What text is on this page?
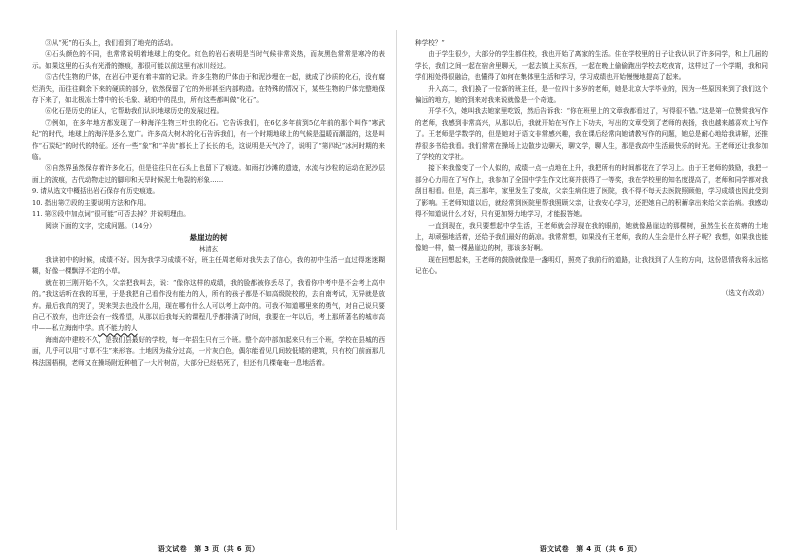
③从“死”的石头上，我们看到了地壳的活动。

④石头颜色的不同，也常常说明着地球上的变化。红色的岩石表明是当时气候非常炎热，而灰黑色常常是寒冷的表示。如果这里的石头有光滑的擦痕，那很可能以前这里有冰川经过。

⑤古代生物的尸体，在岩石中更有着丰富的记录。许多生物的尸体由于和泥沙埋在一起，就成了沙质的化石，没有腐烂消失，而往往剩余下来的硬质的部分，依然保留了它的外形甚至内部构造。在特殊的情况下，某些生物的尸体完整地保存下来了，如北极冻土带中的长毛象、琥珀中的昆虫，所有这些都叫做“化石”。

⑥化石是历史的证人，它帮助我们认识地球历史的发展过程。

⑦例如，在多年地方都发现了一种海洋生物三叶虫的化石。它告诉我们，在6亿多年前到5亿年前的那个叫作“寒武纪”的时代，地球上的海洋是多么宽广。许多高大树木的化石告诉我们，有一个时期地球上的气候是温暖而潮湿的，这是叫作“石炭纪”的时代的特征。还有一些“象”和“羊齿”都长上了长长的毛，这说明是天气冷了，说明了“第四纪”冰河时期的来临。

⑧自然界虽然保存着许多化石，但是往往只在石头上也留下了痕迹。如雨打沙滩的遗迹，水流与沙粒的运动在泥沙层面上的波痕，古代动物走过的脚印和天旱时候泥土龟裂的形象……

9. 请从选文中概括出岩石保存有历史痕迹。

10. 指出第⑦段的主要说明方法和作用。

11. 第⑧段中加点词“很可能”可否去掉？并说明理由。

阅读下面的文字，完成问题。（14分）

悬崖边的树

林清玄

我读初中的时候，成绩不好。因为我学习成绩不好，班主任周老师对我失去了信心，我的初中生活一直过得迷迷糊糊，好像一棵飘浮不定的小草。

就在初三刚开始不久，父亲把我叫去，说：“像你这样的成绩，我的脸都被你丢尽了，我看你中考中是不会考上高中的。”我这话听在我的耳里，于是我把自己看作没有能力的人，所有的孩子都是不如高级院校的，去自南考试，无异就是放弃。最后我真的哭了，哭来哭去也没什么用，现在哪有什么人可以考上高中的。可我不知道哪里来的勇气，对自己说只要自己不放弃，也许还会有一线希望，从那以后我每天的课程几乎都排满了时间，我要在一年以后，考上那所著名的城市高中——私立海南中学。真不能力的人

海南高中建校不久，是我们县最好的学校，每一年招生只有三个班。整个高中部加起来只有三个班，学校在县城的西面，几乎可以用“寸草不生”来形容。土地因为盐分过高，一片灰白色，偶尔能看见几间较低矮的建筑，只有校门前面那几株法国梧桐，老师又在操场附近种植了一大片树苗，大部分已经枯死了，但还有几棵奄奄一息地活着。

语文试卷　第 3 页（共 6 页）

种学校？”

由于学生很少，大部分的学生都住校，我也开始了离家的生活。住在学校里的日子让我认识了许多同学，和上几届的学长，我们之间一起在宿舍里聊天，一起去镇上买东西，一起在晚上偷偷跑出学校去吃夜宵，这样过了一个学期，我和同学们相处得很融洽，也懂得了如何在集体里生活和学习，学习成绩也开始慢慢地提高了起来。

升入高二，我们换了一位新的班主任，是一位四十多岁的老师，她是北京大学毕业的，因为一些原因来到了我们这个偏远的地方，她的到来对我来说就像是一个奇迹。

开学不久，她叫我去她家里吃饭，然后告诉我：“你在班里上的文章我都看过了，写得很不错。”这是第一位赞赏我写作的老师，我感到非常高兴，从那以后，我就开始在写作上下功夫，写出的文章受到了老师的表扬，我也越来越喜欢上写作了。王老师是学数学的，但是她对于语文非常感兴趣，我在课后经常向她请教写作的问题，她总是耐心地给我讲解，还推荐很多书给我看。我们常常在操场上边散步边聊天，聊文学，聊人生，那是我高中生活最快乐的时光。王老师还让我参加了学校的文学社。

接下来我像变了一个人似的，成绩一点一点地在上升，我把所有的时间都花在了学习上。由于王老师的鼓励，我把一部分心力用在了写作上，我参加了全国中学生作文比赛并获得了一等奖，我在学校里的知名度提高了，老师和同学都对我刮目相看。但是，高三那年，家里发生了变故，父亲生病住进了医院，我不得不每天去医院照顾他，学习成绩也因此受到了影响。王老师知道以后，就经常到医院里帮我照顾父亲，让我安心学习，还把她自己的积蓄拿出来给父亲治病。我感动得不知道说什么才好，只有更加努力地学习，才能报答她。

一直到现在，我只要想起中学生活，王老师就会浮现在我的眼前，她就像悬崖边的那棵树，虽然生长在贫瘠的土地上，却顽强地活着，还给予我们最好的荫凉。我常常想，如果没有王老师，我的人生会是什么样子呢？我想，如果我也能像她一样，做一棵悬崖边的树，那该多好啊。

现在回想起来，王老师的鼓励就像是一盏明灯，照亮了我前行的道路，让我找到了人生的方向，这份恩情我将永远铭记在心。

（选文有改动）

语文试卷　第 4 页（共 6 页）
